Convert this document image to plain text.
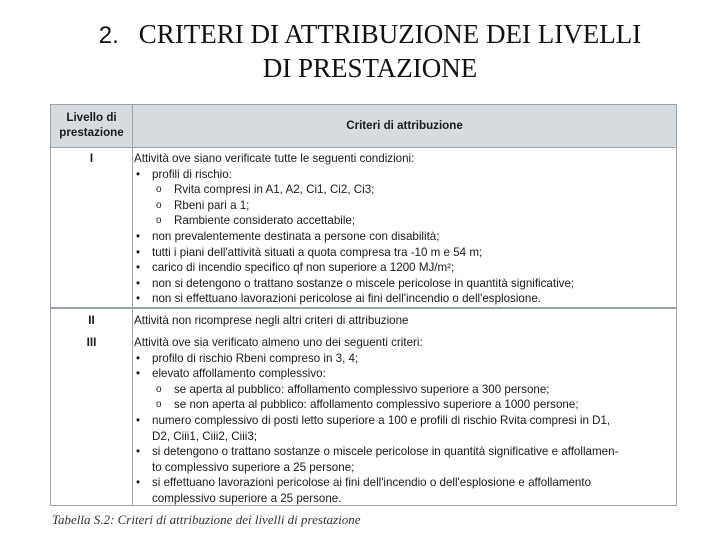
2. CRITERI DI ATTRIBUZIONE DEI LIVELLI
DI PRESTAZIONE
Livello di prestazione
Criteri di attribuzione
I	Attività ove siano verificate tutte le seguenti condizioni:
• profili di rischio:
o Rvita compresi in A1, A2, Ci1, Ci2, Ci3;
o Rbeni pari a 1;
o Rambiente considerato accettabile;
• non prevalentemente destinata a persone con disabilità;
• tutti i piani dell'attività situati a quota compresa tra -10 m e 54 m;
• carico di incendio specifico qf non superiore a 1200 MJ/m²;
• non si detengono o trattano sostanze o miscele pericolose in quantità significative;
• non si effettuano lavorazioni pericolose ai fini dell'incendio o dell'esplosione.
II	Attività non ricomprese negli altri criteri di attribuzione
III	Attività ove sia verificato almeno uno dei seguenti criteri:
• profilo di rischio Rbeni compreso in 3, 4;
• elevato affollamento complessivo:
o se aperta al pubblico: affollamento complessivo superiore a 300 persone;
o se non aperta al pubblico: affollamento complessivo superiore a 1000 persone;
• numero complessivo di posti letto superiore a 100 e profili di rischio Rvita compresi in D1,
D2, Ciii1, Ciii2, Ciii3;
• si detengono o trattano sostanze o miscele pericolose in quantità significative e affollamen-
to complessivo superiore a 25 persone;
• si effettuano lavorazioni pericolose ai fini dell'incendio o dell'esplosione e affollamento
complessivo superiore a 25 persone.
Tabella S.2: Criteri di attribuzione dei livelli di prestazione
